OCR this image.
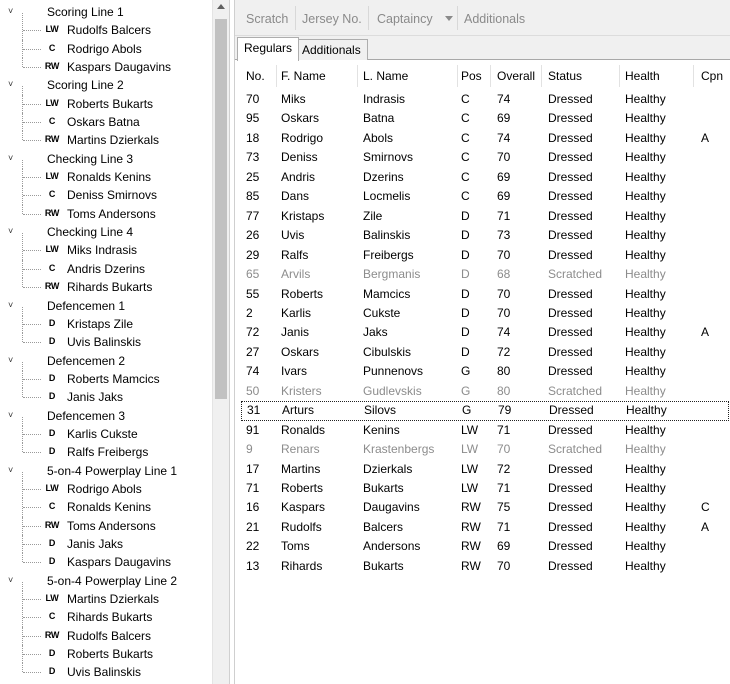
˅	Scoring Line 1
LW Rudolfs Balcers
C Rodrigo Abols
RW Kaspars Daugavins
˅	Scoring Line 2
LW Roberts Bukarts
C Oskars Batna
RW Martins Dzierkals
˅	Checking Line 3
LW Ronalds Kenins
C Deniss Smirnovs
RW Toms Andersons
˅	Checking Line 4
LW Miks Indrasis
C Andris Dzerins
RW Rihards Bukarts
˅	Defencemen 1
D Kristaps Zile
D Uvis Balinskis
˅	Defencemen 2
D Roberts Mamcics
D Janis Jaks
˅	Defencemen 3
D Karlis Cukste
D Ralfs Freibergs
˅	5-on-4 Powerplay Line 1
LW Rodrigo Abols
C Ronalds Kenins
RW Toms Andersons
D Janis Jaks
D Kaspars Daugavins
˅	5-on-4 Powerplay Line 2
LW Martins Dzierkals
C Rihards Bukarts
RW Rudolfs Balcers
D Roberts Bukarts
D Uvis Balinskis
Scratch Jersey No. Captaincy	Additionals
Regulars Additionals
No. F. Name	L. Name	Pos Overall Status	Health	Cpn
70 Miks	Indrasis	C 74	Dressed	Healthy
95 Oskars	Batna	C 69	Dressed	Healthy
18 Rodrigo	Abols	C 74	Dressed	Healthy	A
73 Deniss	Smirnovs	C 70	Dressed	Healthy
25 Andris	Dzerins	C 69	Dressed	Healthy
85 Dans	Locmelis	C 69	Dressed	Healthy
77 Kristaps	Zile	D 71	Dressed	Healthy
26 Uvis	Balinskis	D 73	Dressed	Healthy
29 Ralfs	Freibergs	D 70	Dressed	Healthy
65 Arvils	Bergmanis	D 68	Scratched Healthy
55 Roberts	Mamcics	D 70	Dressed	Healthy
2 Karlis	Cukste	D 70	Dressed	Healthy
72 Janis	Jaks	D 74	Dressed	Healthy	A
27 Oskars	Cibulskis	D 72	Dressed	Healthy
74 Ivars	Punnenovs	G 80	Dressed	Healthy
50 Kristers	Gudlevskis	G 80	Scratched Healthy
31 Arturs	Silovs	G 79	Dressed	Healthy
91 Ronalds	Kenins	LW 71	Dressed	Healthy
9 Renars	Krastenbergs LW 70	Scratched Healthy
17 Martins	Dzierkals	LW 72	Dressed	Healthy
71 Roberts	Bukarts	LW 71	Dressed	Healthy
16 Kaspars	Daugavins	RW 75	Dressed	Healthy	C
21 Rudolfs	Balcers	RW 71	Dressed	Healthy	A
22 Toms	Andersons	RW 69	Dressed	Healthy
13 Rihards	Bukarts	RW 70	Dressed	Healthy
